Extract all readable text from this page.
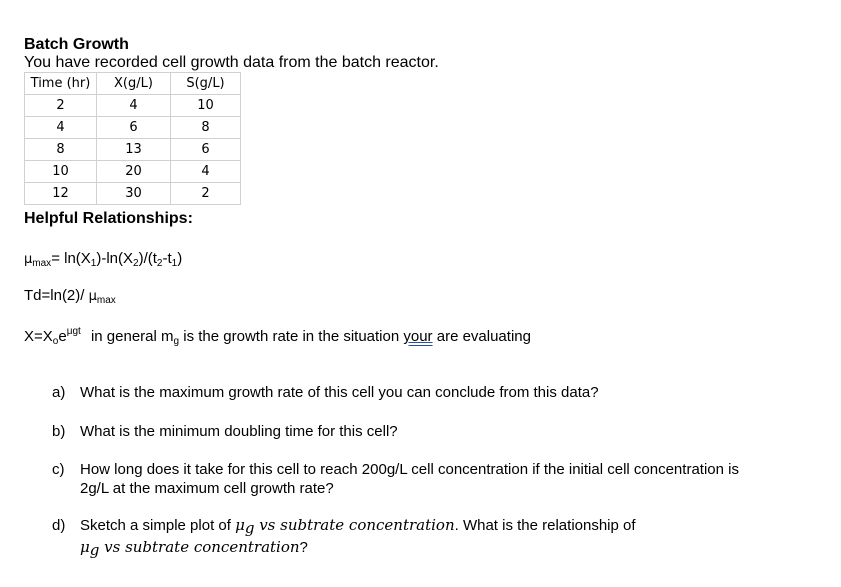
Batch Growth
You have recorded cell growth data from the batch reactor.
Time (hr)	X(g/L)	S(g/L)
2	4	10
4	6	8
8	13	6
10	20	4
12	30	2
Helpful Relationships:
$\mu_{max}= \ln(X_1)-\ln(X_2)/(t_2-t_1)$
Td=ln(2)/ $\mu_{max}$
$X=X_oe^{\mu gt}$ in general $m_g$ is the growth rate in the situation your are evaluating
a) What is the maximum growth rate of this cell you can conclude from this data?
b) What is the minimum doubling time for this cell?
c) How long does it take for this cell to reach 200g/L cell concentration if the initial cell concentration is
2g/L at the maximum cell growth rate?
d) Sketch a simple plot of μg vs subtrate concentration. What is the relationship of
μg vs subtrate concentration?
